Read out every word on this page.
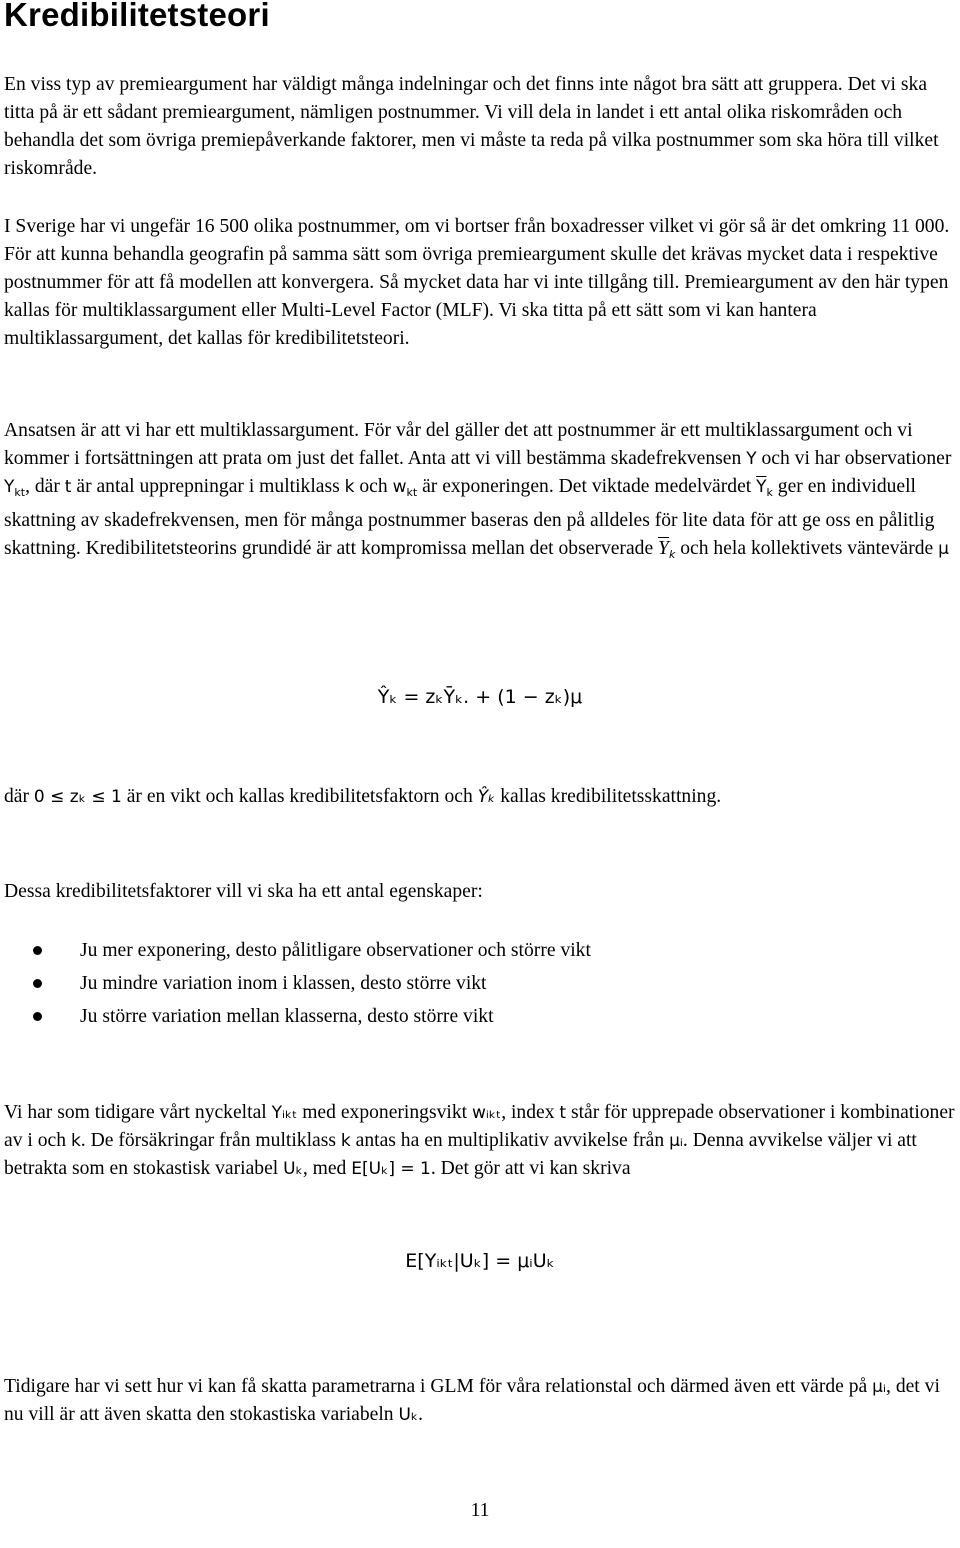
Kredibilitetsteori

En viss typ av premieargument har väldigt många indelningar och det finns inte något bra sätt att gruppera. Det vi ska titta på är ett sådant premieargument, nämligen postnummer. Vi vill dela in landet i ett antal olika riskområden och behandla det som övriga premiepåverkande faktorer, men vi måste ta reda på vilka postnummer som ska höra till vilket riskområde.

I Sverige har vi ungefär 16 500 olika postnummer, om vi bortser från boxadresser vilket vi gör så är det omkring 11 000. För att kunna behandla geografin på samma sätt som övriga premieargument skulle det krävas mycket data i respektive postnummer för att få modellen att konvergera. Så mycket data har vi inte tillgång till. Premieargument av den här typen kallas för multiklassargument eller Multi-Level Factor (MLF). Vi ska titta på ett sätt som vi kan hantera multiklassargument, det kallas för kredibilitetsteori.

Ansatsen är att vi har ett multiklassargument. För vår del gäller det att postnummer är ett multiklassargument och vi kommer i fortsättningen att prata om just det fallet. Anta att vi vill bestämma skadefrekvensen Y och vi har observationer $Y_{kt}$, där t är antal upprepningar i multiklass k och $w_{kt}$ är exponeringen. Det viktade medelvärdet $\overline{Y}_k$ ger en individuell skattning av skadefrekvensen, men för många postnummer baseras den på alldeles för lite data för att ge oss en pålitlig skattning. Kredibilitetsteorins grundidé är att kompromissa mellan det observerade $\overline{Y}_k$ och hela kollektivets väntevärde μ

Ŷₖ = zₖȲₖ. + (1 − zₖ)μ

där 0 ≤ zₖ ≤ 1 är en vikt och kallas kredibilitetsfaktorn och Ŷₖ kallas kredibilitetsskattning.

Dessa kredibilitetsfaktorer vill vi ska ha ett antal egenskaper:

Ju mer exponering, desto pålitligare observationer och större vikt
Ju mindre variation inom i klassen, desto större vikt
Ju större variation mellan klasserna, desto större vikt

Vi har som tidigare vårt nyckeltal Yᵢₖₜ med exponeringsvikt wᵢₖₜ, index t står för upprepade observationer i kombinationer av i och k. De försäkringar från multiklass k antas ha en multiplikativ avvikelse från μᵢ. Denna avvikelse väljer vi att betrakta som en stokastisk variabel Uₖ, med E[Uₖ] = 1. Det gör att vi kan skriva

E[Yᵢₖₜ|Uₖ] = μᵢUₖ

Tidigare har vi sett hur vi kan få skatta parametrarna i GLM för våra relationstal och därmed även ett värde på μᵢ, det vi nu vill är att även skatta den stokastiska variabeln Uₖ.

11
